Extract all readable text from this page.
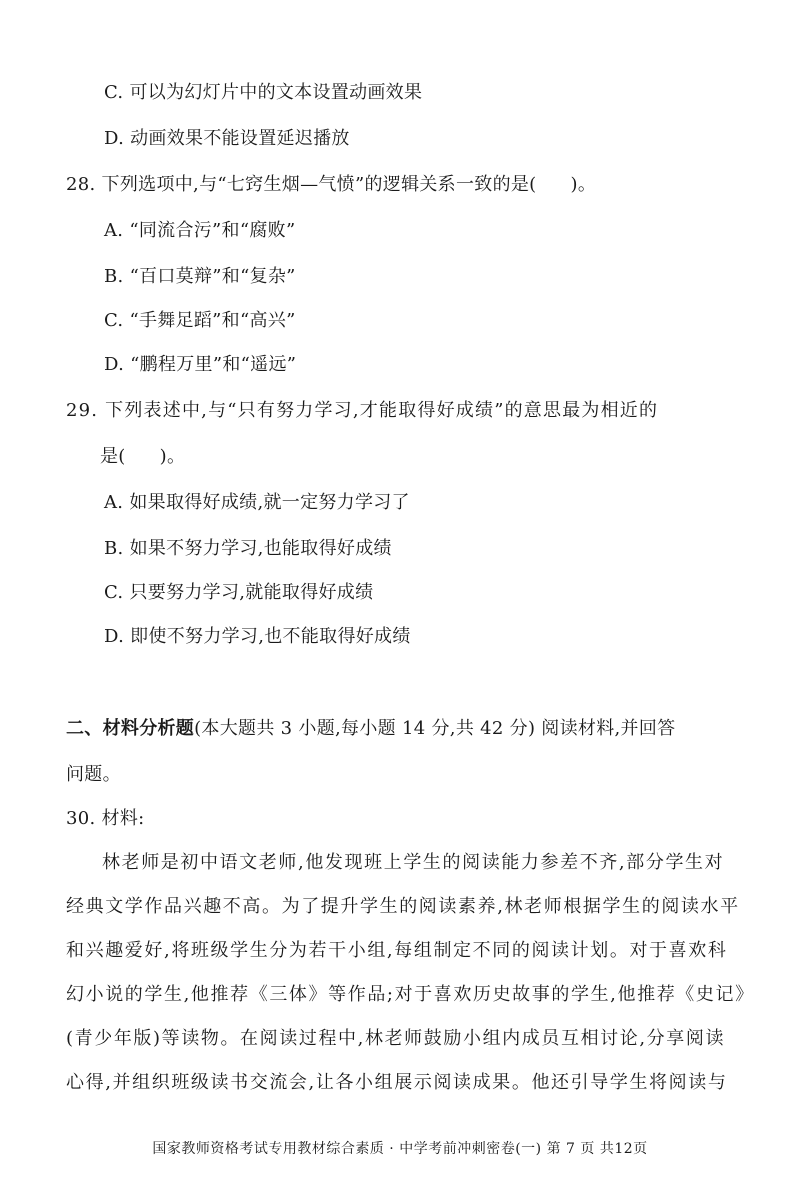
C. 可以为幻灯片中的文本设置动画效果
D. 动画效果不能设置延迟播放
28. 下列选项中,与“七窍生烟—气愤”的逻辑关系一致的是( )。
A. “同流合污”和“腐败”
B. “百口莫辩”和“复杂”
C. “手舞足蹈”和“高兴”
D. “鹏程万里”和“遥远”
29. 下列表述中,与“只有努力学习,才能取得好成绩”的意思最为相近的
是( )。
A. 如果取得好成绩,就一定努力学习了
B. 如果不努力学习,也能取得好成绩
C. 只要努力学习,就能取得好成绩
D. 即使不努力学习,也不能取得好成绩
二、材料分析题(本大题共 3 小题,每小题 14 分,共 42 分) 阅读材料,并回答
问题。
30. 材料:
林老师是初中语文老师,他发现班上学生的阅读能力参差不齐,部分学生对
经典文学作品兴趣不高。为了提升学生的阅读素养,林老师根据学生的阅读水平
和兴趣爱好,将班级学生分为若干小组,每组制定不同的阅读计划。对于喜欢科
幻小说的学生,他推荐《三体》等作品;对于喜欢历史故事的学生,他推荐《史记》
(青少年版)等读物。在阅读过程中,林老师鼓励小组内成员互相讨论,分享阅读
心得,并组织班级读书交流会,让各小组展示阅读成果。他还引导学生将阅读与
国家教师资格考试专用教材综合素质 · 中学考前冲刺密卷(一) 第 7 页 共12页
